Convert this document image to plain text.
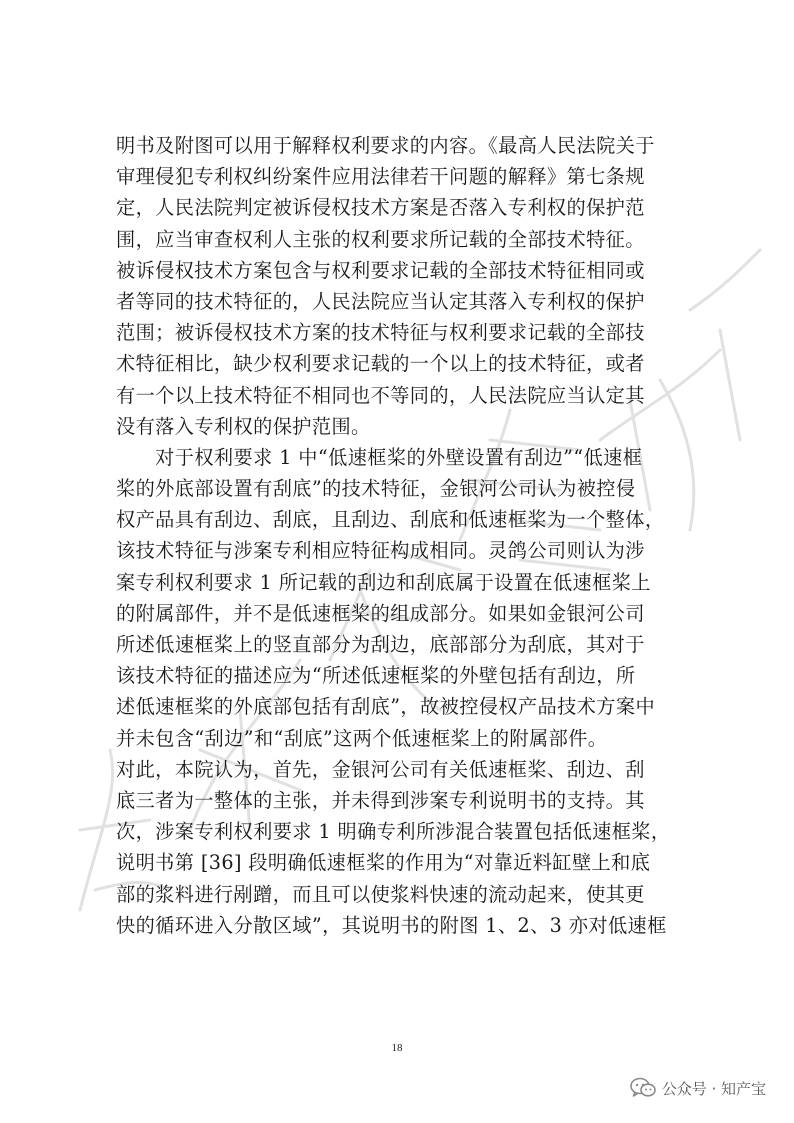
明书及附图可以用于解释权利要求的内容。《最高人民法院关于
审理侵犯专利权纠纷案件应用法律若干问题的解释》第七条规
定，人民法院判定被诉侵权技术方案是否落入专利权的保护范
围，应当审查权利人主张的权利要求所记载的全部技术特征。
被诉侵权技术方案包含与权利要求记载的全部技术特征相同或
者等同的技术特征的，人民法院应当认定其落入专利权的保护
范围；被诉侵权技术方案的技术特征与权利要求记载的全部技
术特征相比，缺少权利要求记载的一个以上的技术特征，或者
有一个以上技术特征不相同也不等同的，人民法院应当认定其
没有落入专利权的保护范围。
　　对于权利要求 1 中“低速框桨的外壁设置有刮边”“低速框
桨的外底部设置有刮底”的技术特征，金银河公司认为被控侵
权产品具有刮边、刮底，且刮边、刮底和低速框桨为一个整体，
该技术特征与涉案专利相应特征构成相同。灵鸽公司则认为涉
案专利权利要求 1 所记载的刮边和刮底属于设置在低速框桨上
的附属部件，并不是低速框桨的组成部分。如果如金银河公司
所述低速框桨上的竖直部分为刮边，底部部分为刮底，其对于
该技术特征的描述应为“所述低速框桨的外壁包括有刮边，所
述低速框桨的外底部包括有刮底”，故被控侵权产品技术方案中
并未包含“刮边”和“刮底”这两个低速框桨上的附属部件。
对此，本院认为，首先，金银河公司有关低速框桨、刮边、刮
底三者为一整体的主张，并未得到涉案专利说明书的支持。其
次，涉案专利权利要求 1 明确专利所涉混合装置包括低速框桨，
说明书第 [36] 段明确低速框桨的作用为“对靠近料缸壁上和底
部的浆料进行剐蹭，而且可以使浆料快速的流动起来，使其更
快的循环进入分散区域”，其说明书的附图 1、2、3 亦对低速框
18
公众号 · 知产宝
